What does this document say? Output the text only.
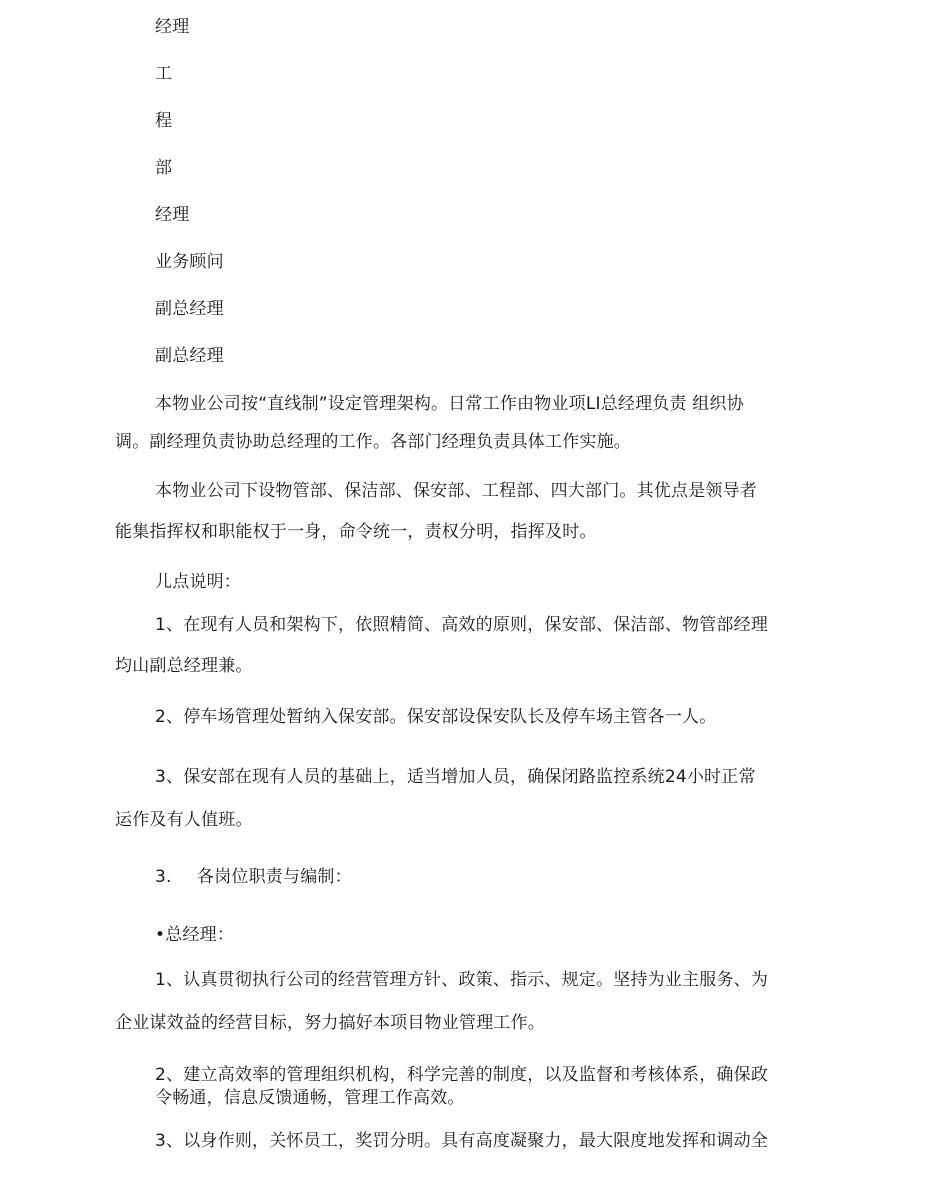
经理
工
程
部
经理
业务顾问
副总经理
副总经理
本物业公司按“直线制”设定管理架构。日常工作由物业项LI总经理负责 组织协
调。副经理负责协助总经理的工作。各部门经理负责具体工作实施。
本物业公司下设物管部、保洁部、保安部、工程部、四大部门。其优点是领导者
能集指挥权和职能权于一身，命令统一，责权分明，指挥及时。
儿点说明：
1、在现有人员和架构下，依照精简、高效的原则，保安部、保洁部、物管部经理
均山副总经理兼。
2、停车场管理处暂纳入保安部。保安部设保安队长及停车场主管各一人。
3、保安部在现有人员的基础上，适当增加人员，确保闭路监控系统24小时正常
运作及有人值班。
3. 各岗位职责与编制：
•总经理：
1、认真贯彻执行公司的经营管理方针、政策、指示、规定。坚持为业主服务、为
企业谋效益的经营目标，努力搞好本项目物业管理工作。
2、建立高效率的管理组织机构，科学完善的制度，以及监督和考核体系，确保政
令畅通，信息反馈通畅，管理工作高效。
3、以身作则，关怀员工，奖罚分明。具有高度凝聚力，最大限度地发挥和调动全
